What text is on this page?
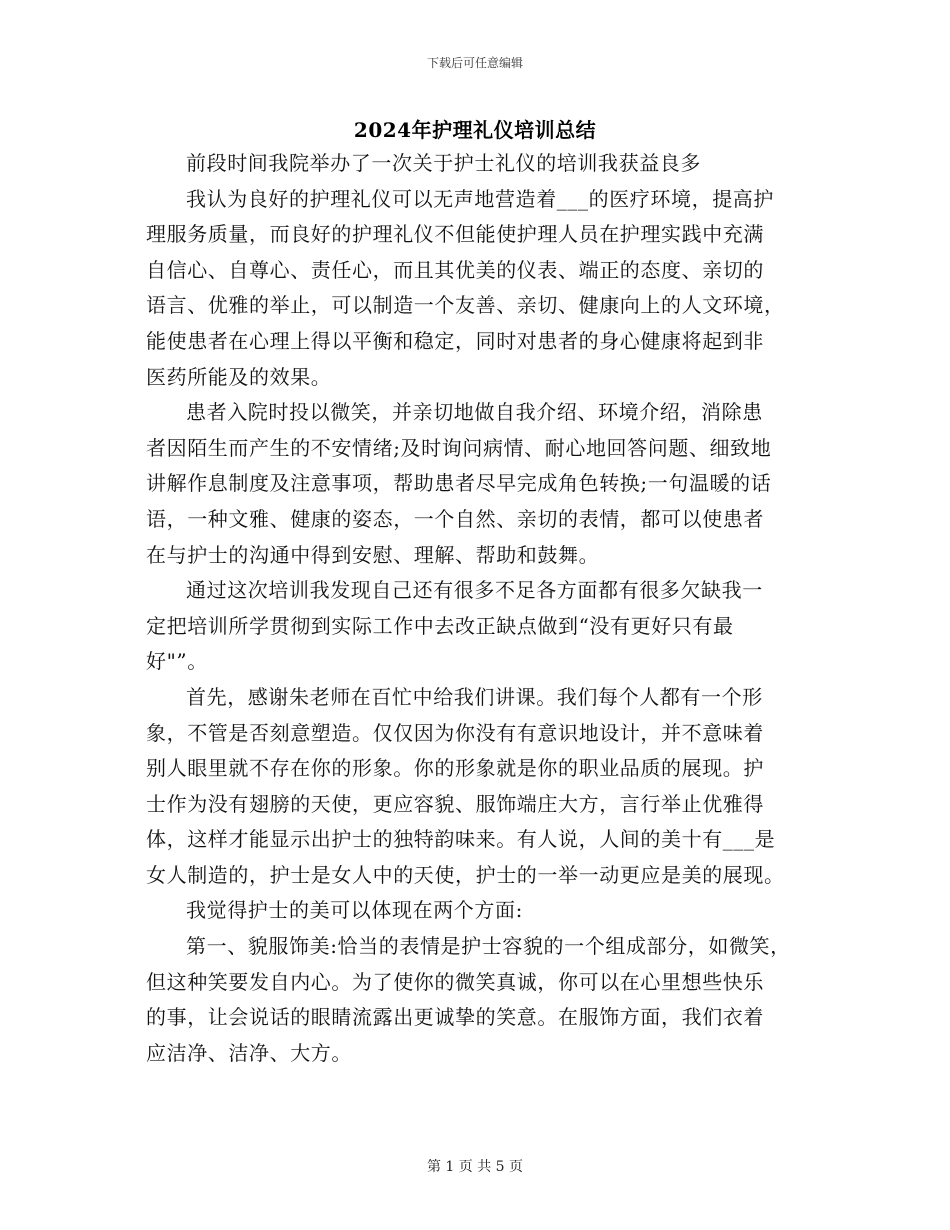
下载后可任意编辑
2024年护理礼仪培训总结
前段时间我院举办了一次关于护士礼仪的培训我获益良多
我认为良好的护理礼仪可以无声地营造着___的医疗环境，提高护
理服务质量，而良好的护理礼仪不但能使护理人员在护理实践中充满
自信心、自尊心、责任心，而且其优美的仪表、端正的态度、亲切的
语言、优雅的举止，可以制造一个友善、亲切、健康向上的人文环境，
能使患者在心理上得以平衡和稳定，同时对患者的身心健康将起到非
医药所能及的效果。
患者入院时投以微笑，并亲切地做自我介绍、环境介绍，消除患
者因陌生而产生的不安情绪;及时询问病情、耐心地回答问题、细致地
讲解作息制度及注意事项，帮助患者尽早完成角色转换;一句温暖的话
语，一种文雅、健康的姿态，一个自然、亲切的表情，都可以使患者
在与护士的沟通中得到安慰、理解、帮助和鼓舞。
通过这次培训我发现自己还有很多不足各方面都有很多欠缺我一
定把培训所学贯彻到实际工作中去改正缺点做到“没有更好只有最
好"”。
首先，感谢朱老师在百忙中给我们讲课。我们每个人都有一个形
象，不管是否刻意塑造。仅仅因为你没有有意识地设计，并不意味着
别人眼里就不存在你的形象。你的形象就是你的职业品质的展现。护
士作为没有翅膀的天使，更应容貌、服饰端庄大方，言行举止优雅得
体，这样才能显示出护士的独特韵味来。有人说，人间的美十有___是
女人制造的，护士是女人中的天使，护士的一举一动更应是美的展现。
我觉得护士的美可以体现在两个方面:
第一、貌服饰美:恰当的表情是护士容貌的一个组成部分，如微笑，
但这种笑要发自内心。为了使你的微笑真诚，你可以在心里想些快乐
的事，让会说话的眼睛流露出更诚挚的笑意。在服饰方面，我们衣着
应洁净、洁净、大方。
第 1 页 共 5 页
